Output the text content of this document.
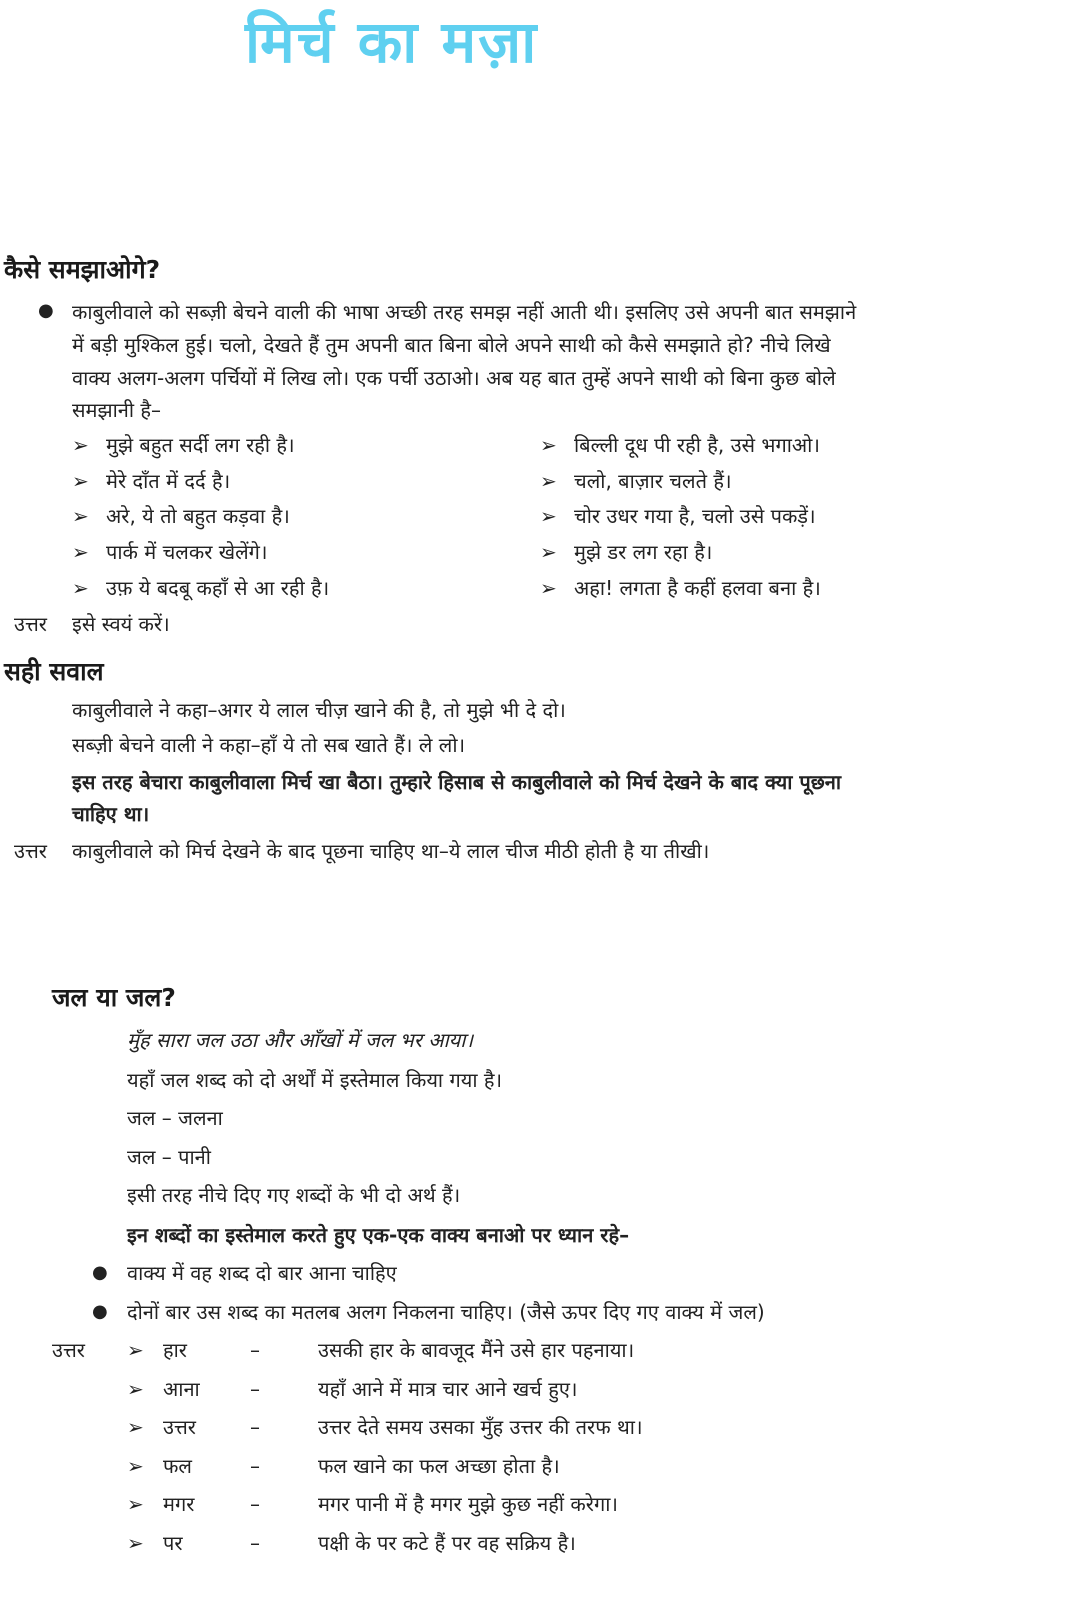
मिर्च का मज़ा
कैसे समझाओगे?
● काबुलीवाले को सब्ज़ी बेचने वाली की भाषा अच्छी तरह समझ नहीं आती थी। इसलिए उसे अपनी बात समझाने
में बड़ी मुश्किल हुई। चलो, देखते हैं तुम अपनी बात बिना बोले अपने साथी को कैसे समझाते हो? नीचे लिखे
वाक्य अलग-अलग पर्चियों में लिख लो। एक पर्ची उठाओ। अब यह बात तुम्हें अपने साथी को बिना कुछ बोले
समझानी है–
उत्तर इसे स्वयं करें।
सही सवाल
काबुलीवाले ने कहा–अगर ये लाल चीज़ खाने की है, तो मुझे भी दे दो।
सब्ज़ी बेचने वाली ने कहा–हाँ ये तो सब खाते हैं। ले लो।
इस तरह बेचारा काबुलीवाला मिर्च खा बैठा। तुम्हारे हिसाब से काबुलीवाले को मिर्च देखने के बाद क्या पूछना
चाहिए था।
उत्तर काबुलीवाले को मिर्च देखने के बाद पूछना चाहिए था–ये लाल चीज मीठी होती है या तीखी।
जल या जल?
मुँह सारा जल उठा और आँखों में जल भर आया।
यहाँ जल शब्द को दो अर्थों में इस्तेमाल किया गया है।
जल – जलना
जल – पानी
इसी तरह नीचे दिए गए शब्दों के भी दो अर्थ हैं।
इन शब्दों का इस्तेमाल करते हुए एक-एक वाक्य बनाओ पर ध्यान रहे–
● वाक्य में वह शब्द दो बार आना चाहिए
● दोनों बार उस शब्द का मतलब अलग निकलना चाहिए। (जैसे ऊपर दिए गए वाक्य में जल)
उत्तर
➢ मुझे बहुत सर्दी लग रही है।	➢ बिल्ली दूध पी रही है, उसे भगाओ।
➢ मेरे दाँत में दर्द है।	➢ चलो, बाज़ार चलते हैं।
➢ अरे, ये तो बहुत कड़वा है।	➢ चोर उधर गया है, चलो उसे पकड़ें।
➢ पार्क में चलकर खेलेंगे।	➢ मुझे डर लग रहा है।
➢ उफ़ ये बदबू कहाँ से आ रही है।	➢ अहा! लगता है कहीं हलवा बना है।
➢ हार	–	उसकी हार के बावजूद मैंने उसे हार पहनाया।
➢ आना	–	यहाँ आने में मात्र चार आने खर्च हुए।
➢ उत्तर	–	उत्तर देते समय उसका मुँह उत्तर की तरफ था।
➢ फल	–	फल खाने का फल अच्छा होता है।
➢ मगर	–	मगर पानी में है मगर मुझे कुछ नहीं करेगा।
➢ पर	–	पक्षी के पर कटे हैं पर वह सक्रिय है।
